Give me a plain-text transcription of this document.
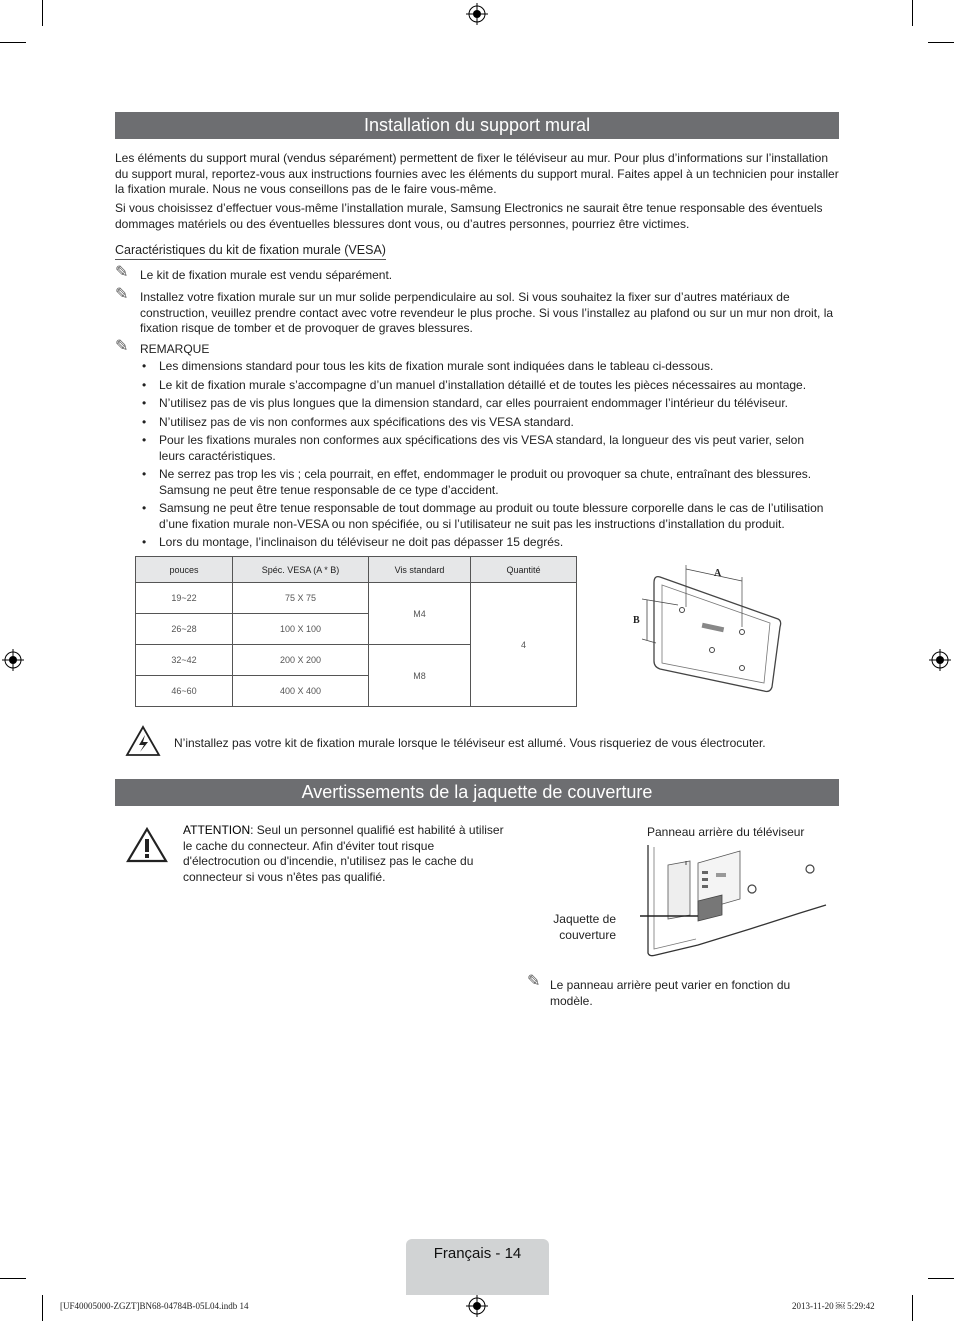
Installation du support mural
Les éléments du support mural (vendus séparément) permettent de fixer le téléviseur au mur. Pour plus d’informations sur l’installation du support mural, reportez-vous aux instructions fournies avec les éléments du support mural. Faites appel à un technicien pour installer la fixation murale. Nous ne vous conseillons pas de le faire vous-même.
Si vous choisissez d’effectuer vous-même l’installation murale, Samsung Electronics ne saurait être tenue responsable des éventuels dommages matériels ou des éventuelles blessures dont vous, ou d’autres personnes, pourriez être victimes.
Caractéristiques du kit de fixation murale (VESA)
✎ Le kit de fixation murale est vendu séparément.
✎ Installez votre fixation murale sur un mur solide perpendiculaire au sol. Si vous souhaitez la fixer sur d’autres matériaux de construction, veuillez prendre contact avec votre revendeur le plus proche. Si vous l’installez au plafond ou sur un mur non droit, la fixation risque de tomber et de provoquer de graves blessures.
✎ REMARQUE
• Les dimensions standard pour tous les kits de fixation murale sont indiquées dans le tableau ci-dessous.
• Le kit de fixation murale s’accompagne d’un manuel d’installation détaillé et de toutes les pièces nécessaires au montage.
• N’utilisez pas de vis plus longues que la dimension standard, car elles pourraient endommager l’intérieur du téléviseur.
• N’utilisez pas de vis non conformes aux spécifications des vis VESA standard.
• Pour les fixations murales non conformes aux spécifications des vis VESA standard, la longueur des vis peut varier, selon leurs caractéristiques.
• Ne serrez pas trop les vis ; cela pourrait, en effet, endommager le produit ou provoquer sa chute, entraînant des blessures. Samsung ne peut être tenue responsable de ce type d’accident.
• Samsung ne peut être tenue responsable de tout dommage au produit ou toute blessure corporelle dans le cas de l’utilisation d’une fixation murale non-VESA ou non spécifiée, ou si l’utilisateur ne suit pas les instructions d’installation du produit.
• Lors du montage, l’inclinaison du téléviseur ne doit pas dépasser 15 degrés.
pouces	Spéc. VESA (A * B)	Vis standard	Quantité
19~22	75 X 75	M4	4
26~28	100 X 100		
32~42	200 X 200	M8	
46~60	400 X 400		
A
B
N’installez pas votre kit de fixation murale lorsque le téléviseur est allumé. Vous risqueriez de vous électrocuter.
Avertissements de la jaquette de couverture
ATTENTION: Seul un personnel qualifié est habilité à utiliser le cache du connecteur. Afin d'éviter tout risque d'électrocution ou d'incendie, n'utilisez pas le cache du connecteur si vous n'êtes pas qualifié.
Panneau arrière du téléviseur
Jaquette de couverture
✎ Le panneau arrière peut varier en fonction du modèle.
Français - 14
[UF40005000-ZGZT]BN68-04784B-05L04.indb 14	2013-11-20 ￼ 5:29:42
